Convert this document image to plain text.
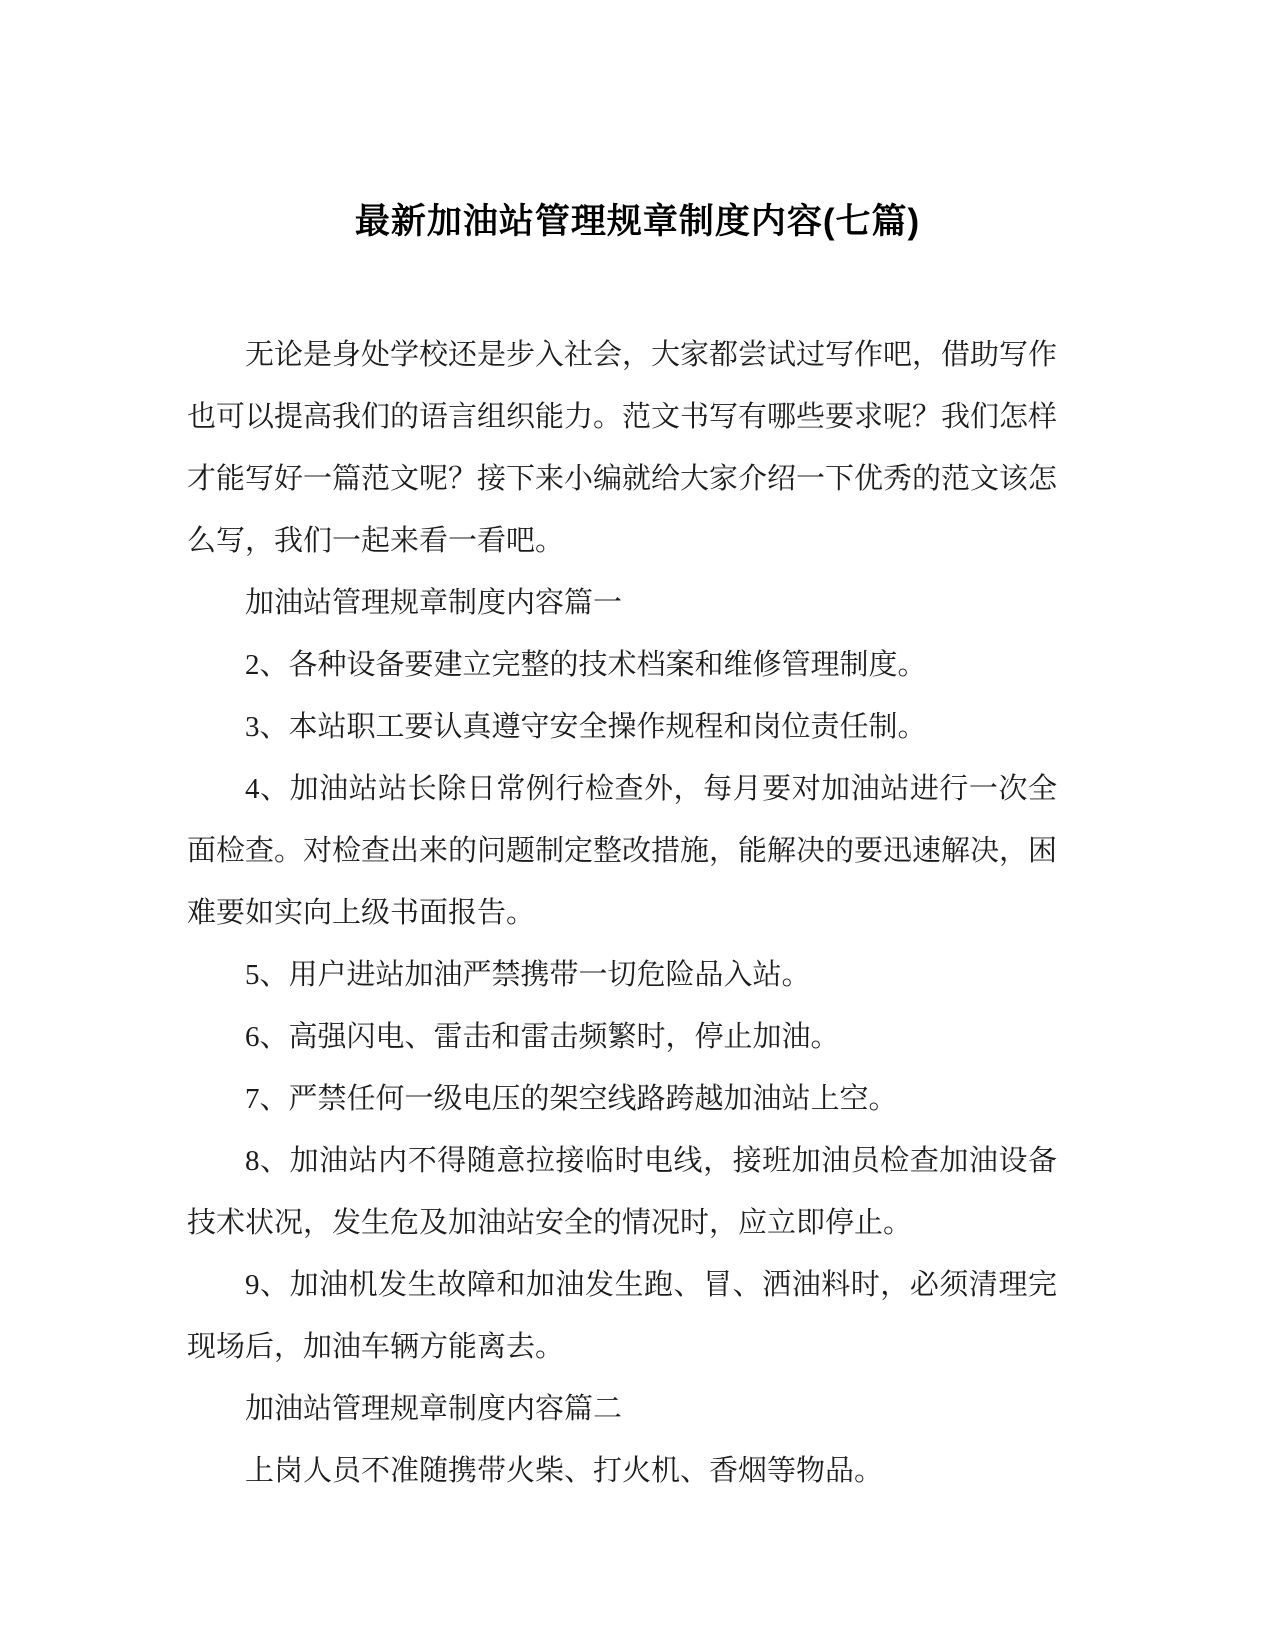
最新加油站管理规章制度内容(七篇)

无论是身处学校还是步入社会，大家都尝试过写作吧，借助写作也可以提高我们的语言组织能力。范文书写有哪些要求呢？我们怎样才能写好一篇范文呢？接下来小编就给大家介绍一下优秀的范文该怎么写，我们一起来看一看吧。

加油站管理规章制度内容篇一

2、各种设备要建立完整的技术档案和维修管理制度。

3、本站职工要认真遵守安全操作规程和岗位责任制。

4、加油站站长除日常例行检查外，每月要对加油站进行一次全面检查。对检查出来的问题制定整改措施，能解决的要迅速解决，困难要如实向上级书面报告。

5、用户进站加油严禁携带一切危险品入站。

6、高强闪电、雷击和雷击频繁时，停止加油。

7、严禁任何一级电压的架空线路跨越加油站上空。

8、加油站内不得随意拉接临时电线，接班加油员检查加油设备技术状况，发生危及加油站安全的情况时，应立即停止。

9、加油机发生故障和加油发生跑、冒、洒油料时，必须清理完现场后，加油车辆方能离去。

加油站管理规章制度内容篇二

上岗人员不准随携带火柴、打火机、香烟等物品。
